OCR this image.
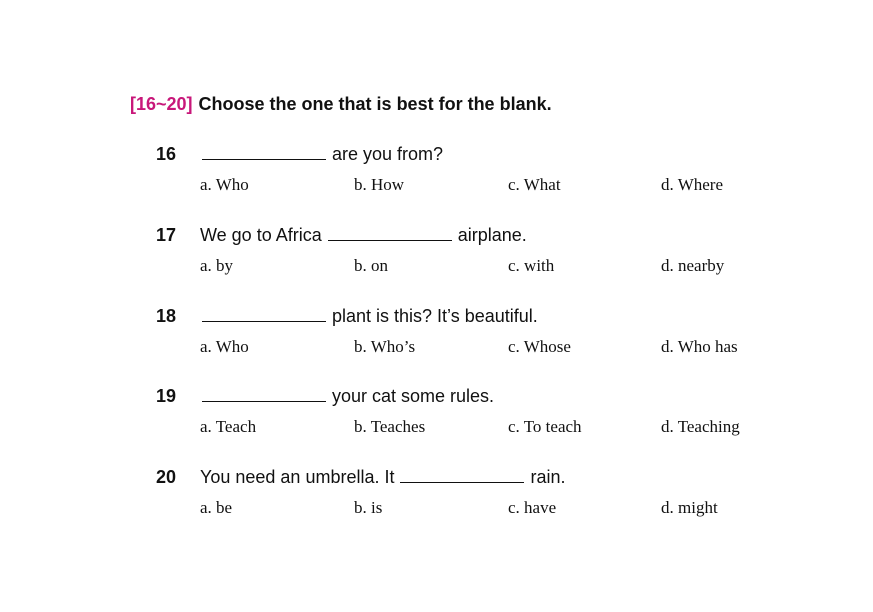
[16~20] Choose the one that is best for the blank.
16	are you from?
a. Who	b. How	c. What	d. Where
17 We go to Africa	airplane.
a. by	b. on	c. with	d. nearby
18	plant is this? It’s beautiful.
a. Who	b. Who’s	c. Whose	d. Who has
19	your cat some rules.
a. Teach	b. Teaches	c. To teach	d. Teaching
20 You need an umbrella. It	rain.
a. be	b. is	c. have	d. might
